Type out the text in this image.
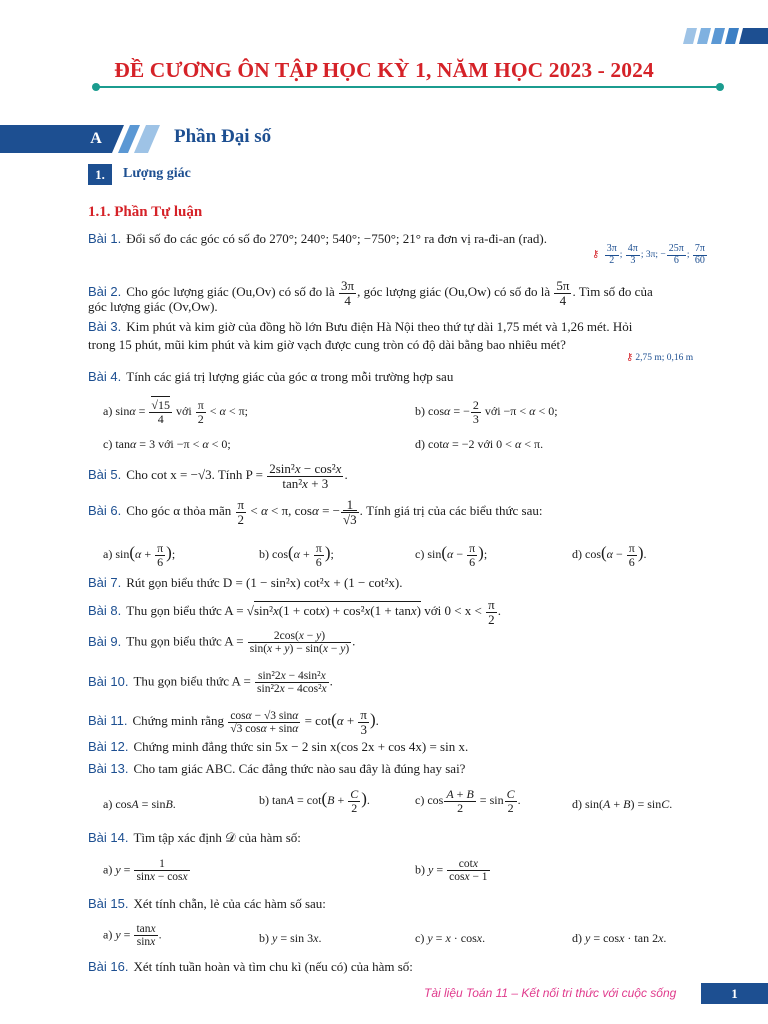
ĐỀ CƯƠNG ÔN TẬP HỌC KỲ 1, NĂM HỌC 2023 - 2024
A	Phần Đại số
1.	Lượng giác
1.1. Phần Tự luận
Bài 1. Đổi số đo các góc có số đo 270°; 240°; 540°; −750°; 21° ra đơn vị ra-đi-an (rad).
⚷ $\frac{3\pi}{2}$ ; $\frac{4\pi}{3}$ ; 3π; − $\frac{25\pi}{6}$ ; $\frac{7\pi}{60}$
Bài 2. Cho góc lượng giác (Ou,Ov) có số đo là $\frac{3\pi}{4}$ , góc lượng giác (Ou,Ow) có số đo là $\frac{5\pi}{4}$ . Tìm số đo của
góc lượng giác (Ov,Ow).
Bài 3. Kim phút và kim giờ của đồng hồ lớn Bưu điện Hà Nội theo thứ tự dài 1,75 mét và 1,26 mét. Hỏi
trong 15 phút, mũi kim phút và kim giờ vạch được cung tròn có độ dài bằng bao nhiêu mét?
⚷ 2,75 m; 0,16 m
Bài 4. Tính các giá trị lượng giác của góc α trong mỗi trường hợp sau
a) $\sin\alpha = \frac{√15}{4}$ với $\frac{\pi}{2} < \alpha < \pi$;	b) cosα = − $\frac{2}{3}$ với −π < α < 0;
c) tanα = 3 với −π < α < 0;	d) cotα = −2 với 0 < α < π.
Bài 5. Cho cot x = −√3. Tính $P = \frac{\text{2sin²x − cos²x}}{\text{tan²x + 3}}$ .
Bài 6. Cho góc α thỏa mãn $\frac{\pi}{2} < \alpha < \pi$, cosα = − $\frac{1}{√3}$ . Tính giá trị của các biểu thức sau:
a) $\sin(\alpha + \frac{\pi}{6}$ );	b) $\cos(\alpha + \frac{\pi}{6}$ );	c) $\sin(\alpha - \frac{\pi}{6}$ );	d) $\cos(\alpha - \frac{\pi}{6}$ ).
Bài 7. Rút gọn biểu thức D = (1 − sin²x) cot²x + (1 − cot²x).
Bài 8. Thu gọn biểu thức A = √sin²x(1 + cotx) + cos²x(1 + tanx) với $0 < x < \frac{\pi}{2}$ .
Bài 9. Thu gọn biểu thức $A = \frac{2\cos(x - y)}{\sin(x + y) - \sin(x - y)}$ .
Bài 10. Thu gọn biểu thức $A = \frac{\text{sin²2x − 4sin²x}}{\text{sin²2x − 4cos²x}}$ .
Bài 11. Chứng minh rằng $\frac{\cos\alpha - √3 \sin\alpha}{√3 \cos\alpha + \sin\alpha} = \cot(\alpha + \frac{\pi}{3}$ ).
Bài 12. Chứng minh đẳng thức sin 5x − 2 sin x(cos 2x + cos 4x) = sin x.
Bài 13. Cho tam giác ABC. Các đẳng thức nào sau đây là đúng hay sai?
a) cosA = sinB.	b) $\tan A = \cot(B + \frac{C}{2}$ ).	c) $\cos \frac{A + B}{2} = \sin \frac{C}{2}$ .	d) sin(A + B) = sinC.
Bài 14. Tìm tập xác định 𝒟 của hàm số:
a) $y = \frac{1}{\sin x - \cos x}$	b) $y = \frac{\cot x}{\cos x - 1}$
Bài 15. Xét tính chẵn, lẻ của các hàm số sau:
a) $y = \frac{\tan x}{\sin x}$ .	b) y = sin 3x.	c) y = x · cosx.	d) y = cosx · tan 2x.
Bài 16. Xét tính tuần hoàn và tìm chu kì (nếu có) của hàm số:
Tài liệu Toán 11 – Kết nối tri thức với cuộc sống	1
